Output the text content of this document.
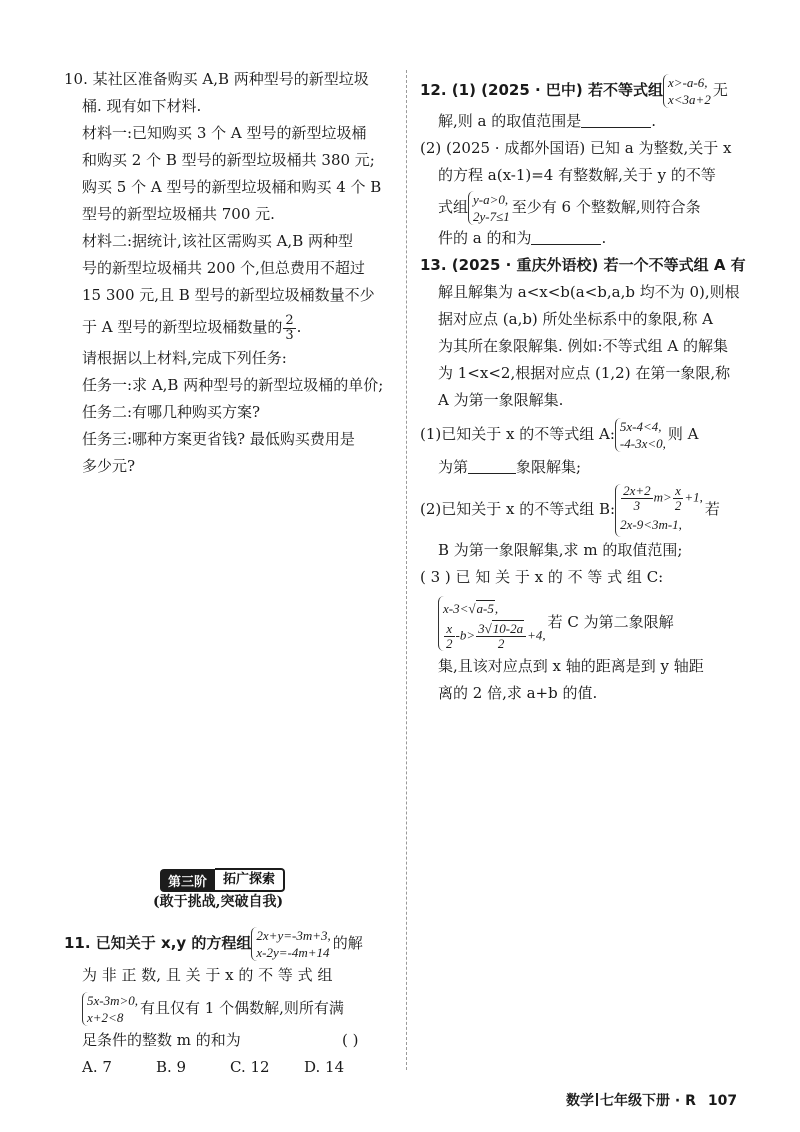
10. 某社区准备购买 A,B 两种型号的新型垃圾
桶. 现有如下材料.
材料一:已知购买 3 个 A 型号的新型垃圾桶
和购买 2 个 B 型号的新型垃圾桶共 380 元;
购买 5 个 A 型号的新型垃圾桶和购买 4 个 B
型号的新型垃圾桶共 700 元.
材料二:据统计,该社区需购买 A,B 两种型
号的新型垃圾桶共 200 个,但总费用不超过
15 300 元,且 B 型号的新型垃圾桶数量不少
于 A 型号的新型垃圾桶数量的 $\frac{2}{3}$ .
请根据以上材料,完成下列任务:
任务一:求 A,B 两种型号的新型垃圾桶的单价;
任务二:有哪几种购买方案?
任务三:哪种方案更省钱? 最低购买费用是
多少元?
第三阶	拓广探索
(敢于挑战,突破自我)
11. 已知关于 x,y 的方程组 2x+y=-3m+3,
x-2y=-4m+14
的解
为 非 正 数, 且 关 于 x 的 不 等 式 组
5x-3m>0,
x+2<8
有且仅有 1 个偶数解,则所有满
足条件的整数 m 的和为	( )
A. 7	B. 9	C. 12	D. 14
12. (1) (2025 · 巴中) 若不等式组 x>-a-6,
x<3a+2
无
解,则 a 的取值范围是	.
(2) (2025 · 成都外国语) 已知 a 为整数,关于 x
的方程 a(x-1)=4 有整数解,关于 y 的不等
式组 y-a>0,
2y-7≤1
至少有 6 个整数解,则符合条
件的 a 的和为	.
13. (2025 · 重庆外语校) 若一个不等式组 A 有
解且解集为 a<x<b(a<b,a,b 均不为 0),则根
据对应点 (a,b) 所处坐标系中的象限,称 A
为其所在象限解集. 例如:不等式组 A 的解集
为 1<x<2,根据对应点 (1,2) 在第一象限,称
A 为第一象限解集.
(1)已知关于 x 的不等式组 A: 5x-4<4,
-4-3x<0,
则 A
为第	象限解集;
(2)已知关于 x 的不等式组 B: $\frac{2x+2}{3} m> \frac{x}{2} +1$,
2x-9<3m-1,
若
B 为第一象限解集,求 m 的取值范围;
( 3 ) 已 知 关 于 x 的 不 等 式 组 C:
x-3<√a-5,
$\frac{x}{2} -b> \frac{3√10-2a}{2} +4$,
若 C 为第二象限解
集,且该对应点到 x 轴的距离是到 y 轴距
离的 2 倍,求 a+b 的值.
数学 七年级下册 · R 107
